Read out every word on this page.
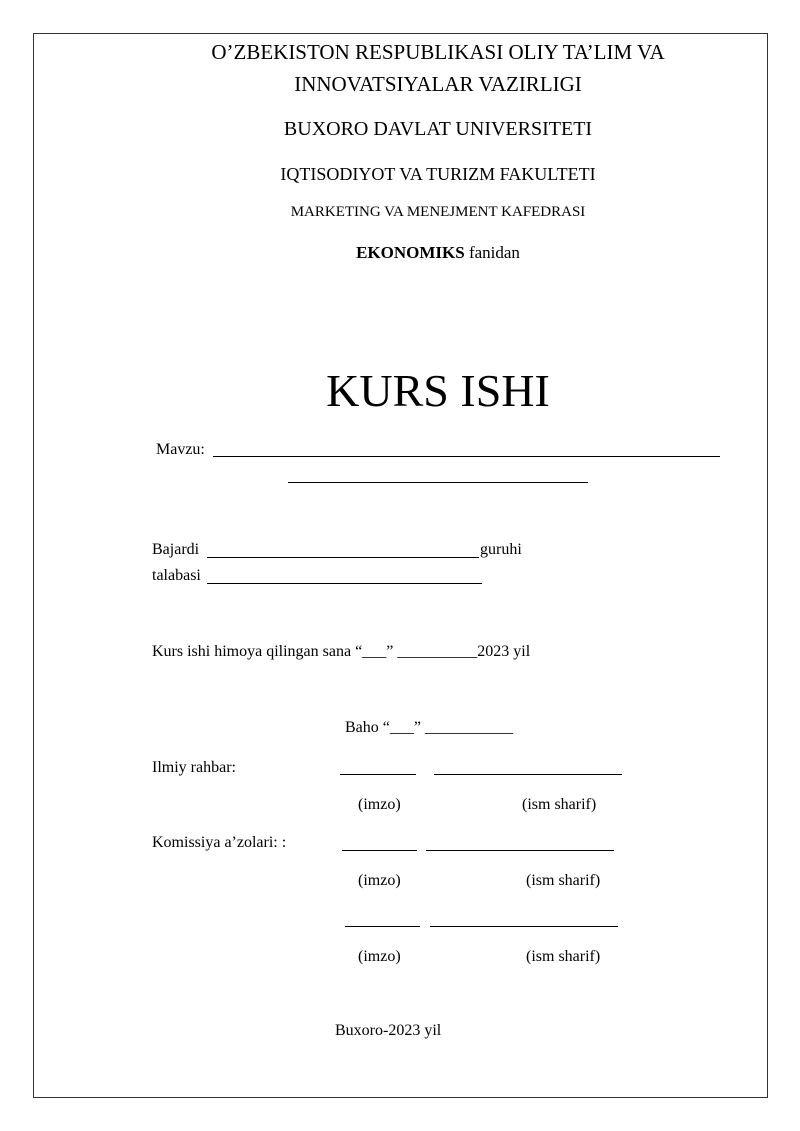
O’ZBEKISTON RESPUBLIKASI OLIY TA’LIM VA
INNOVATSIYALAR VAZIRLIGI
BUXORO DAVLAT UNIVERSITETI
IQTISODIYOT VA TURIZM FAKULTETI
MARKETING VA MENEJMENT KAFEDRASI
EKONOMIKS fanidan
KURS ISHI
Mavzu:
Bajardi	guruhi
talabasi
Kurs ishi himoya qilingan sana “___” __________2023 yil
Baho “___” ___________
Ilmiy rahbar:
(imzo)	(ism sharif)
Komissiya a’zolari: :
(imzo)	(ism sharif)
(imzo)	(ism sharif)
Buxoro-2023 yil
